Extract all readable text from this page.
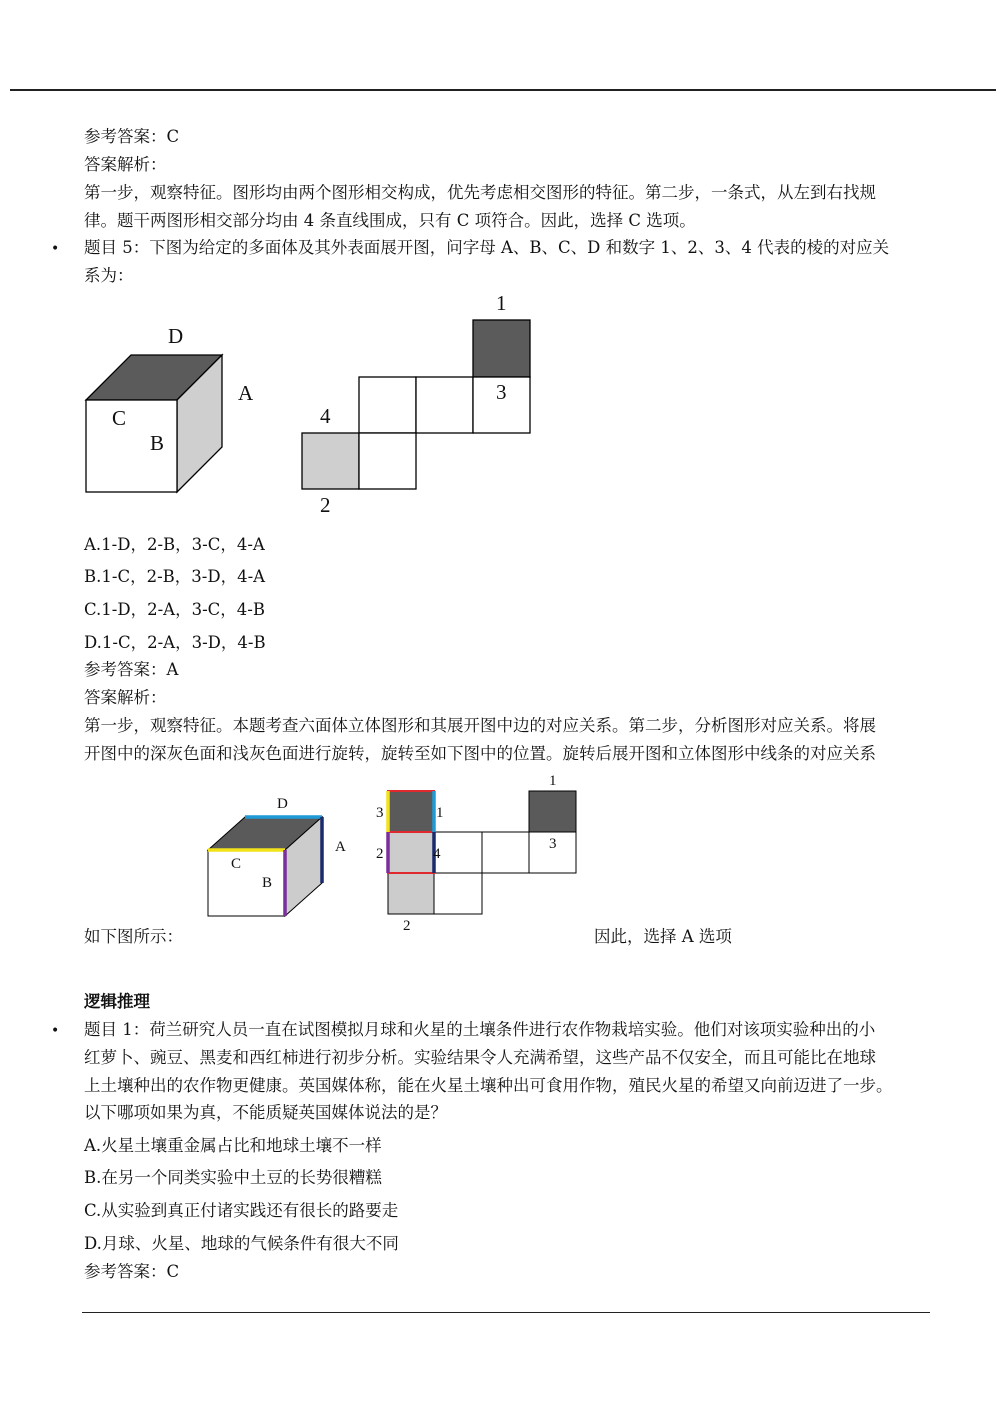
参考答案：C
答案解析：
第一步，观察特征。图形均由两个图形相交构成，优先考虑相交图形的特征。第二步，一条式，从左到右找规
律。题干两图形相交部分均由 4 条直线围成，只有 C 项符合。因此，选择 C 选项。
• 题目 5：下图为给定的多面体及其外表面展开图，问字母 A、B、C、D 和数字 1、2、3、4 代表的棱的对应关
系为：
D
A
C
B
1
3
4
2
D
A
C
B
3	1
2	4
1
3
2
A.1-D，2-B，3-C，4-A
B.1-C，2-B，3-D，4-A
C.1-D，2-A，3-C，4-B
D.1-C，2-A，3-D，4-B
参考答案：A
答案解析：
第一步，观察特征。本题考查六面体立体图形和其展开图中边的对应关系。第二步，分析图形对应关系。将展
开图中的深灰色面和浅灰色面进行旋转，旋转至如下图中的位置。旋转后展开图和立体图形中线条的对应关系
如下图所示：	因此，选择 A 选项
逻辑推理
• 题目 1：荷兰研究人员一直在试图模拟月球和火星的土壤条件进行农作物栽培实验。他们对该项实验种出的小
红萝卜、豌豆、黑麦和西红柿进行初步分析。实验结果令人充满希望，这些产品不仅安全，而且可能比在地球
上土壤种出的农作物更健康。英国媒体称，能在火星土壤种出可食用作物，殖民火星的希望又向前迈进了一步。
以下哪项如果为真，不能质疑英国媒体说法的是？
A.火星土壤重金属占比和地球土壤不一样
B.在另一个同类实验中土豆的长势很糟糕
C.从实验到真正付诸实践还有很长的路要走
D.月球、火星、地球的气候条件有很大不同
参考答案：C
